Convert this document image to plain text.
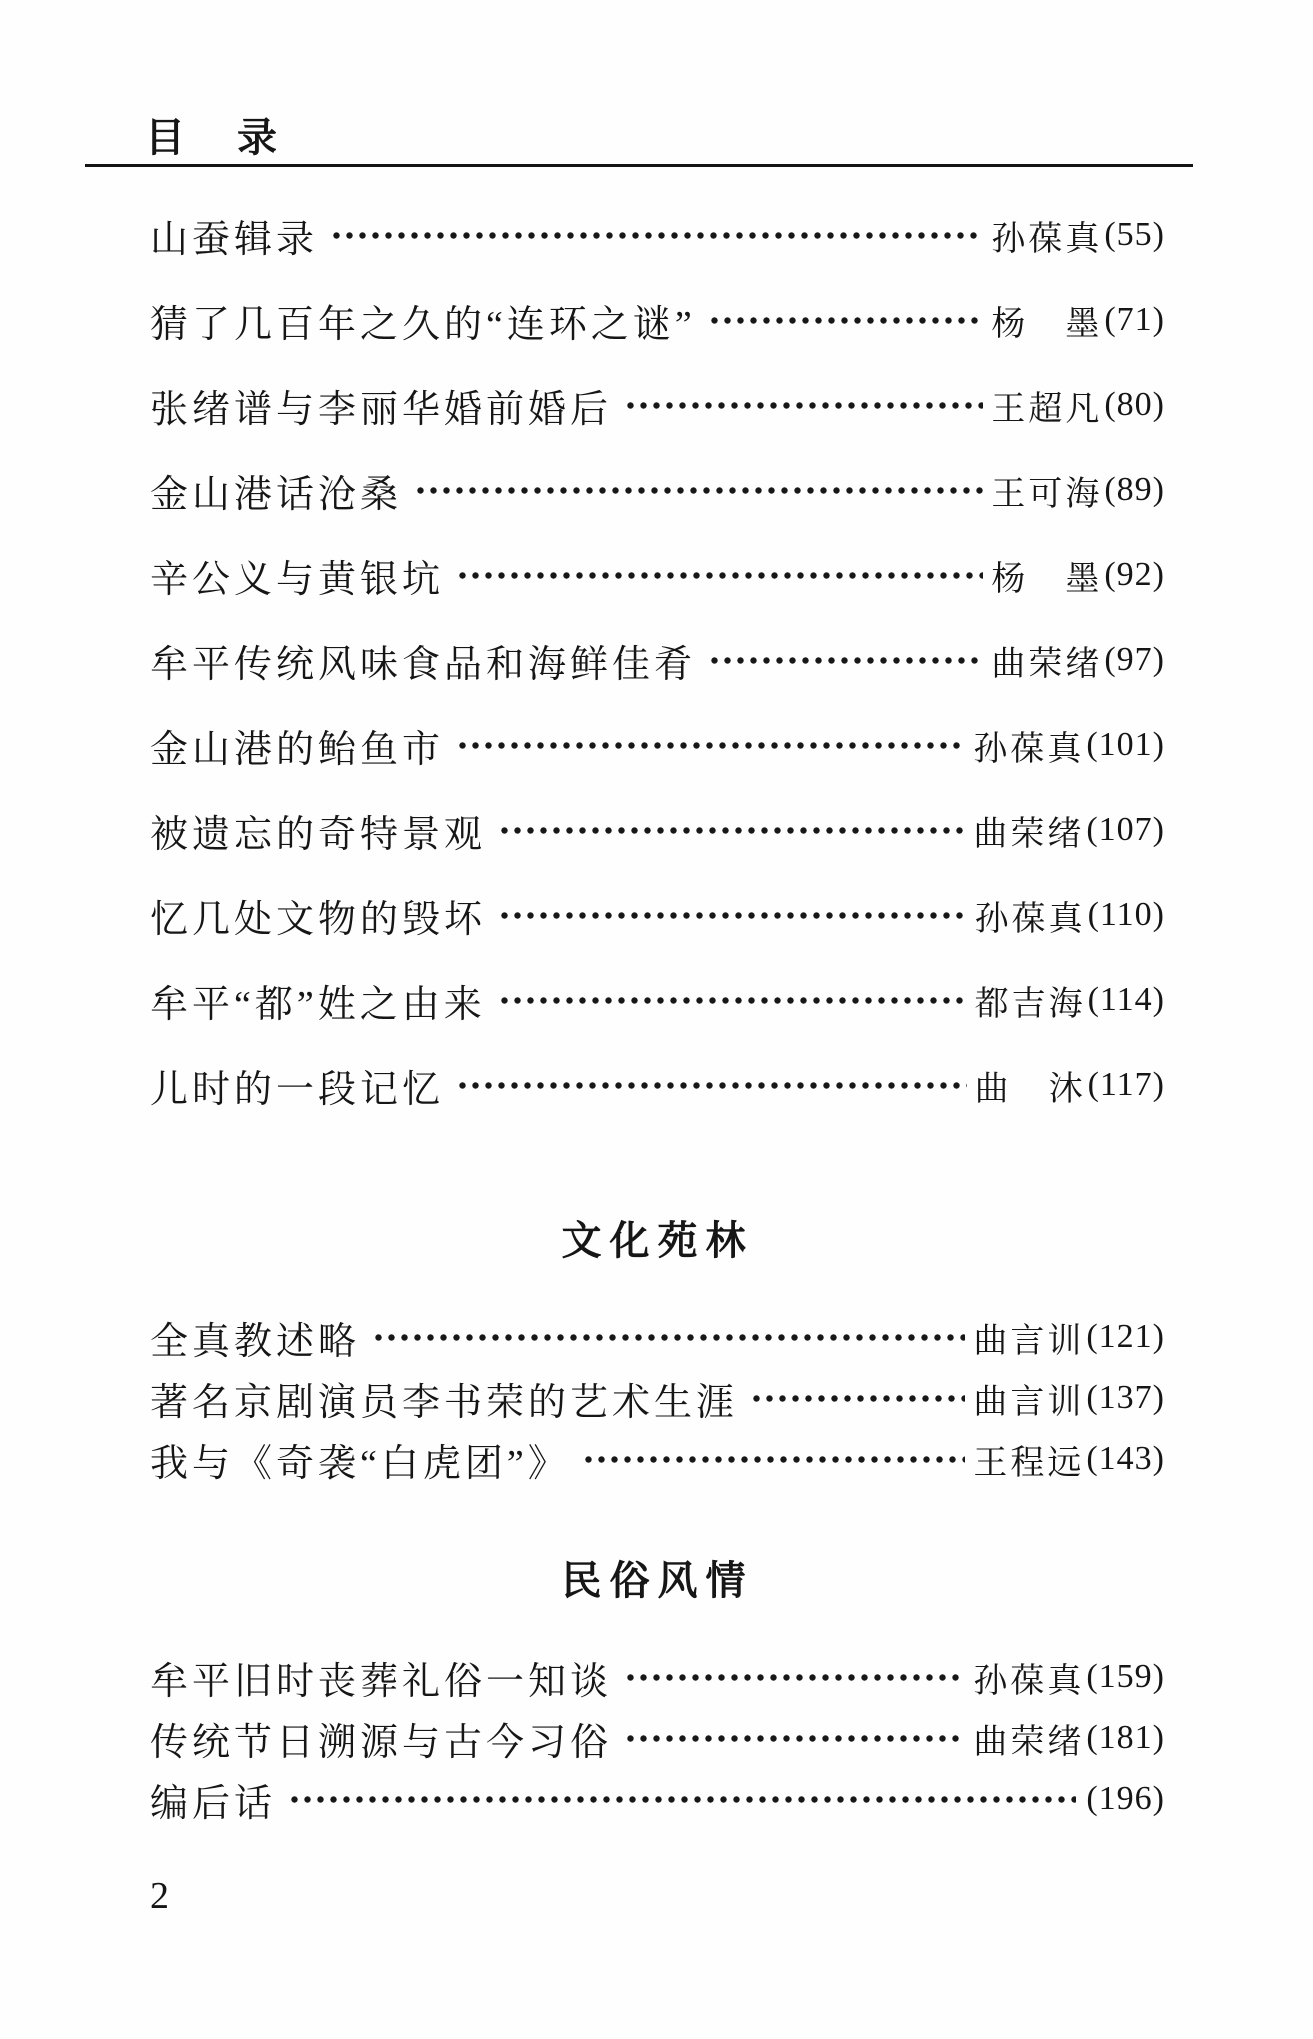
目　录
山蚕辑录	孙葆真 (55)
猜了几百年之久的“连环之谜”	杨　墨 (71)
张绪谱与李丽华婚前婚后	王超凡 (80)
金山港话沧桑	王可海 (89)
辛公义与黄银坑	杨　墨 (92)
牟平传统风味食品和海鲜佳肴	曲荣绪 (97)
金山港的鲐鱼市	孙葆真 (101)
被遗忘的奇特景观	曲荣绪 (107)
忆几处文物的毁坏	孙葆真 (110)
牟平“都”姓之由来	都吉海 (114)
儿时的一段记忆	曲　沐 (117)
文化苑林
全真教述略	曲言训 (121)
著名京剧演员李书荣的艺术生涯	曲言训 (137)
我与《奇袭“白虎团”》	王程远 (143)
民俗风情
牟平旧时丧葬礼俗一知谈	孙葆真 (159)
传统节日溯源与古今习俗	曲荣绪 (181)
编后话	(196)
2
